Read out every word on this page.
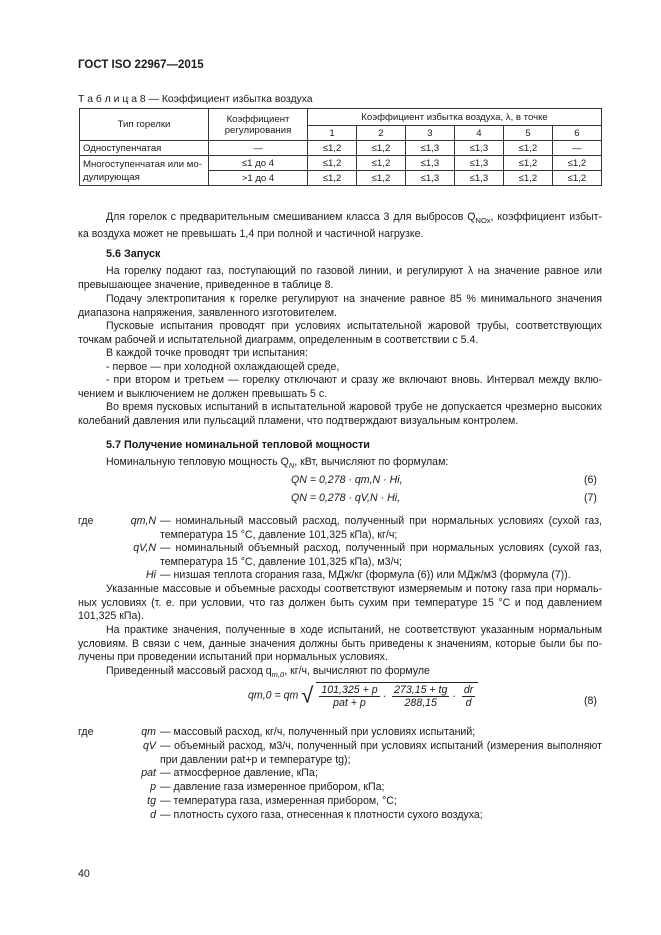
ГОСТ ISO 22967—2015
Т а б л и ц а 8 — Коэффициент избытка воздуха
Тип горелки	Коэффициент регулирования	Коэффициент избытка воздуха, λ, в точке					
		1	2	3	4	5	6
Одноступенчатая	—	≤1,2	≤1,2	≤1,3	≤1,3	≤1,2	—
Многоступенчатая или мо-дулирующая	≤1 до 4	≤1,2	≤1,2	≤1,3	≤1,3	≤1,2	≤1,2
	>1 до 4	≤1,2	≤1,2	≤1,3	≤1,3	≤1,2	≤1,2
Для горелок с предварительным смешиванием класса 3 для выбросов $Q_{NOx}$, коэффициент избыт-ка воздуха может не превышать 1,4 при полной и частичной нагрузке.
5.6 Запуск
На горелку подают газ, поступающий по газовой линии, и регулируют λ на значение равное или превышающее значение, приведенное в таблице 8.
Подачу электропитания к горелке регулируют на значение равное 85 % минимального значения диапазона напряжения, заявленного изготовителем.
Пусковые испытания проводят при условиях испытательной жаровой трубы, соответствующих точкам рабочей и испытательной диаграмм, определенным в соответствии с 5.4.
В каждой точке проводят три испытания:
- первое — при холодной охлаждающей среде,
- при втором и третьем — горелку отключают и сразу же включают вновь. Интервал между вклю-чением и выключением не должен превышать 5 с.
Во время пусковых испытаний в испытательной жаровой трубе не допускается чрезмерно высоких колебаний давления или пульсаций пламени, что подтверждают визуальным контролем.
5.7 Получение номинальной тепловой мощности
Номинальную тепловую мощность $Q_N$, кВт, вычисляют по формулам:
QN = 0,278 · qm,N · Hi,	(6)
QN = 0,278 · qV,N · Hi,	(7)
где	qm,N — номинальный массовый расход, полученный при нормальных условиях (сухой газ, температура 15 °С, давление 101,325 кПа), кг/ч;
qV,N — номинальный объемный расход, полученный при нормальных условиях (сухой газ, температура 15 °С, давление 101,325 кПа), м3/ч;
Hi — низшая теплота сгорания газа, МДж/кг (формула (6)) или МДж/м3 (формула (7)).
Указанные массовые и объемные расходы соответствуют измеряемым и потоку газа при нормаль-ных условиях (т. е. при условии, что газ должен быть сухим при температуре 15 °С и под давлением 101,325 кПа).
На практике значения, полученные в ходе испытаний, не соответствуют указанным нормальным условиям. В связи с чем, данные значения должны быть приведены к значениям, которые были бы по-лучены при проведении испытаний при нормальных условиях.
Приведенный массовый расход $q_{m,0}$, кг/ч, вычисляют по формуле
qm,0 = qm √ $\frac{101,325 + p}{\text{pat + p}} \cdot \frac{273,15 + tg}{288,15} \cdot \frac{dr}{d}$	(8)
где	qm — массовый расход, кг/ч, полученный при условиях испытаний;
qV — объемный расход, м3/ч, полученный при условиях испытаний (измерения выполняют при давлении pat+p и температуре tg);
pat — атмосферное давление, кПа;
p — давление газа измеренное прибором, кПа;
tg — температура газа, измеренная прибором, °С;
d — плотность сухого газа, отнесенная к плотности сухого воздуха;
40
